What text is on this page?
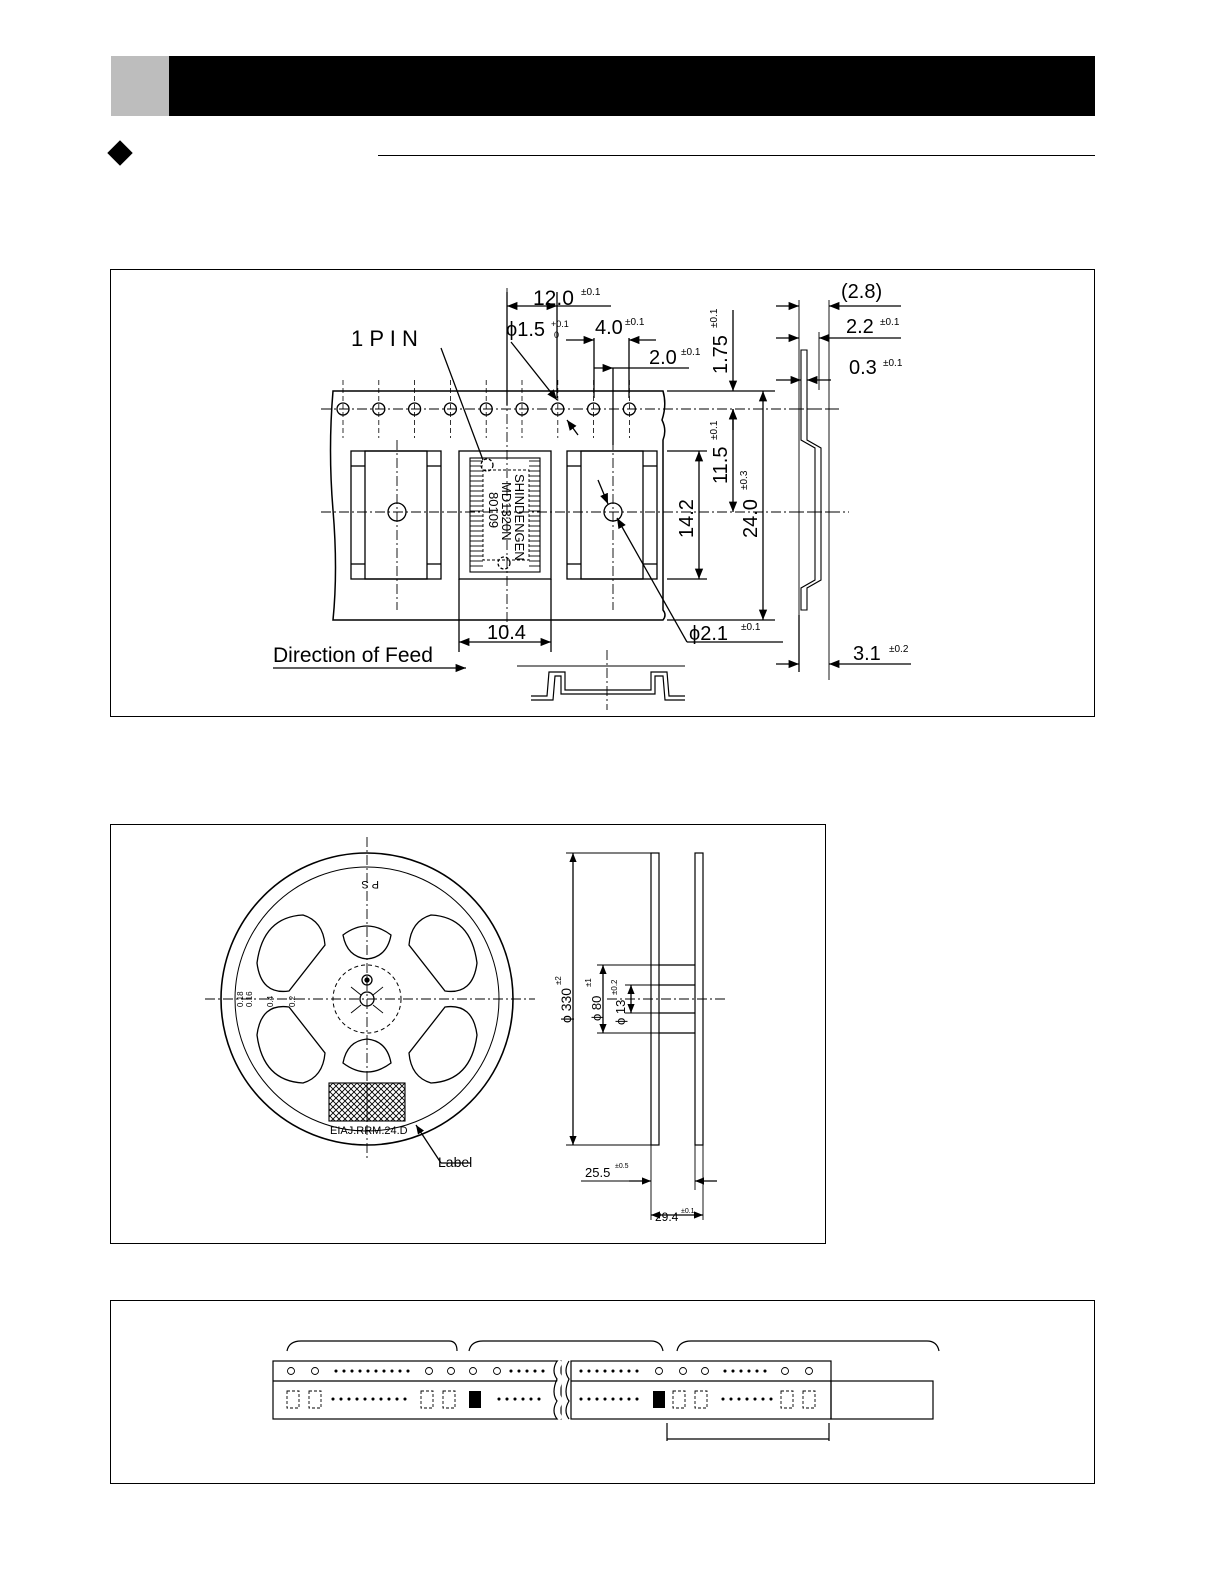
1 P I N
Direction of Feed
12.0 ±0.1
ϕ1.5 +0.1
0 4.0 ±0.1
2.0 ±0.1 1.75
±0.1
11.5
±0.1
14.2 24.0
±0.3
10.4	ϕ2.1 ±0.1
(2.8)
2.2 ±0.1
0.3 ±0.1
3.1 ±0.2
SHINDENGEN
MD1320N
80109
P S
EIAJ.RRM.24.D
Label
0.18 0.16 0.4 0.2	ϕ 330
±2
ϕ 80
±1
ϕ 13
±0.2
25.5 ±0.5
29.4 ±0.1
